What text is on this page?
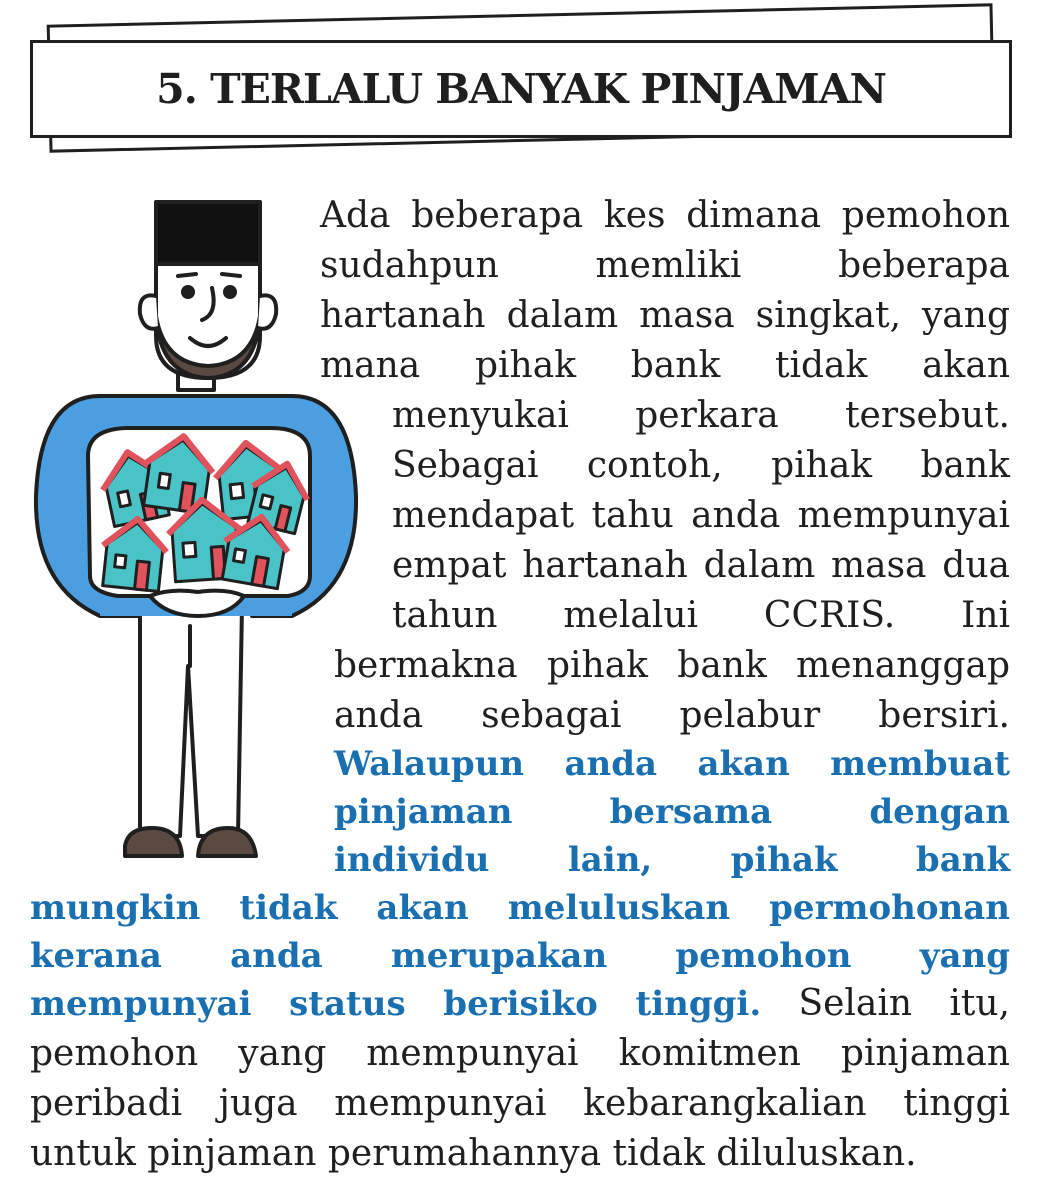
5. TERLALU BANYAK PINJAMAN
Ada beberapa kes dimana pemohon
sudahpun memliki beberapa
hartanah dalam masa singkat, yang
mana pihak bank tidak akan
menyukai perkara tersebut.
Sebagai contoh, pihak bank
mendapat tahu anda mempunyai
empat hartanah dalam masa dua
tahun melalui CCRIS. Ini
bermakna pihak bank menanggap
anda sebagai pelabur bersiri.
Walaupun anda akan membuat
pinjaman bersama dengan
individu lain, pihak bank
mungkin tidak akan meluluskan permohonan
kerana anda merupakan pemohon yang
mempunyai status berisiko tinggi. Selain itu,
pemohon yang mempunyai komitmen pinjaman
peribadi juga mempunyai kebarangkalian tinggi
untuk pinjaman perumahannya tidak diluluskan.
